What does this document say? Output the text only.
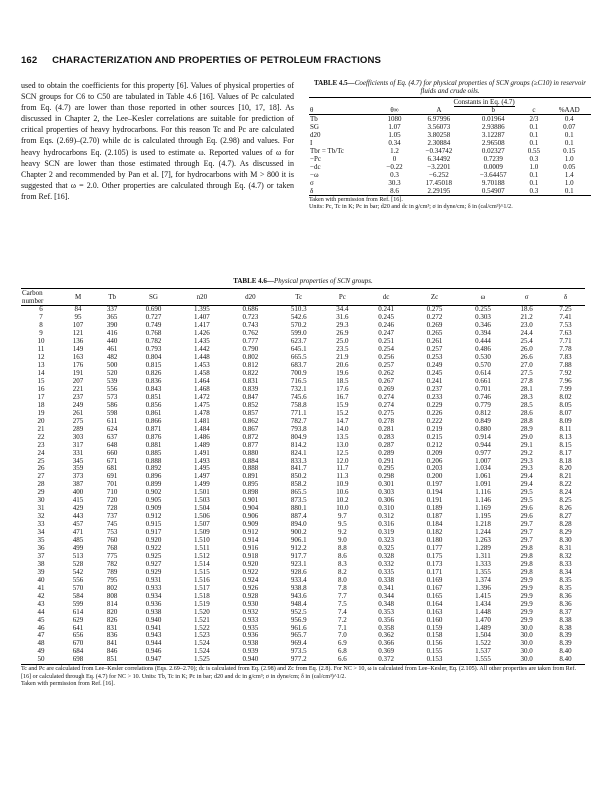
162 CHARACTERIZATION AND PROPERTIES OF PETROLEUM FRACTIONS
used to obtain the coefficients for this property [6]. Values of physical properties of SCN groups for C6 to C50 are tabulated in Table 4.6 [16]. Values of Pc calculated from Eq. (4.7) are lower than those reported in other sources [10, 17, 18]. As discussed in Chapter 2, the Lee–Kesler correlations are suitable for prediction of critical properties of heavy hydrocarbons. For this reason Tc and Pc are calculated from Eqs. (2.69)–(2.70) while dc is calculated through Eq. (2.98) and values. For heavy hydrocarbons Eq. (2.105) is used to estimate ω. Reported values of ω for heavy SCN are lower than those estimated through Eq. (4.7). As discussed in Chapter 2 and recommended by Pan et al. [7], for hydrocarbons with M > 800 it is suggested that ω = 2.0. Other properties are calculated through Eq. (4.7) or taken from Ref. [16].
TABLE 4.5—Coefficients of Eq. (4.7) for physical properties of SCN groups (≥C10) in reservoir fluids and crude oils.
	Constants in Eq. (4.7)				
θ	θ∞	A	b	c	%AAD
Tb	1080	6.97996	0.01964	2/3	0.4
SG	1.07	3.56073	2.93886	0.1	0.07
d20	1.05	3.80258	3.12287	0.1	0.1
I	0.34	2.30884	2.96508	0.1	0.1
Tbr = Tb/Tc	1.2	−0.34742	0.02327	0.55	0.15
−Pc	0	6.34492	0.7239	0.3	1.0
−dc	−0.22	−3.2201	0.0009	1.0	0.05
−ω	0.3	−6.252	−3.64457	0.1	1.4
σ	30.3	17.45018	9.70188	0.1	1.0
δ	8.6	2.29195	0.54907	0.3	0.1
Taken with permission from Ref. [16].
Units: Pc, Tc in K; Pc in bar; d20 and dc in g/cm³; σ in dyne/cm; δ in (cal/cm³)^1/2.
TABLE 4.6—Physical properties of SCN groups.
Carbon number	M	Tb	SG	n20	d20	Tc	Pc	dc	Zc	ω	σ	δ
6	84	337	0.690	1.395	0.686	510.3	34.4	0.241	0.275	0.255	18.6	7.25
7	95	365	0.727	1.407	0.723	542.6	31.6	0.245	0.272	0.303	21.2	7.41
8	107	390	0.749	1.417	0.743	570.2	29.3	0.246	0.269	0.346	23.0	7.53
9	121	416	0.768	1.426	0.762	599.0	26.9	0.247	0.265	0.394	24.4	7.63
10	136	440	0.782	1.435	0.777	623.7	25.0	0.251	0.261	0.444	25.4	7.71
11	149	461	0.793	1.442	0.790	645.1	23.5	0.254	0.257	0.486	26.0	7.78
12	163	482	0.804	1.448	0.802	665.5	21.9	0.256	0.253	0.530	26.6	7.83
13	176	500	0.815	1.453	0.812	683.7	20.6	0.257	0.249	0.570	27.0	7.88
14	191	520	0.826	1.458	0.822	700.9	19.6	0.262	0.245	0.614	27.5	7.92
15	207	539	0.836	1.464	0.831	716.5	18.5	0.267	0.241	0.661	27.8	7.96
16	221	556	0.843	1.468	0.839	732.1	17.6	0.269	0.237	0.701	28.1	7.99
17	237	573	0.851	1.472	0.847	745.6	16.7	0.274	0.233	0.746	28.3	8.02
18	249	586	0.856	1.475	0.852	758.8	15.9	0.274	0.229	0.779	28.5	8.05
19	261	598	0.861	1.478	0.857	771.1	15.2	0.275	0.226	0.812	28.6	8.07
20	275	611	0.866	1.481	0.862	782.7	14.7	0.278	0.222	0.849	28.8	8.09
21	289	624	0.871	1.484	0.867	793.8	14.0	0.281	0.219	0.880	28.9	8.11
22	303	637	0.876	1.486	0.872	804.9	13.5	0.283	0.215	0.914	29.0	8.13
23	317	648	0.881	1.489	0.877	814.2	13.0	0.287	0.212	0.944	29.1	8.15
24	331	660	0.885	1.491	0.880	824.1	12.5	0.289	0.209	0.977	29.2	8.17
25	345	671	0.888	1.493	0.884	833.3	12.0	0.291	0.206	1.007	29.3	8.18
26	359	681	0.892	1.495	0.888	841.7	11.7	0.295	0.203	1.034	29.3	8.20
27	373	691	0.896	1.497	0.891	850.2	11.3	0.298	0.200	1.061	29.4	8.21
28	387	701	0.899	1.499	0.895	858.2	10.9	0.301	0.197	1.091	29.4	8.22
29	400	710	0.902	1.501	0.898	865.5	10.6	0.303	0.194	1.116	29.5	8.24
30	415	720	0.905	1.503	0.901	873.5	10.2	0.306	0.191	1.146	29.5	8.25
31	429	728	0.909	1.504	0.904	880.1	10.0	0.310	0.189	1.169	29.6	8.26
32	443	737	0.912	1.506	0.906	887.4	9.7	0.312	0.187	1.195	29.6	8.27
33	457	745	0.915	1.507	0.909	894.0	9.5	0.316	0.184	1.218	29.7	8.28
34	471	753	0.917	1.509	0.912	900.2	9.2	0.319	0.182	1.244	29.7	8.29
35	485	760	0.920	1.510	0.914	906.1	9.0	0.323	0.180	1.263	29.7	8.30
36	499	768	0.922	1.511	0.916	912.2	8.8	0.325	0.177	1.289	29.8	8.31
37	513	775	0.925	1.512	0.918	917.7	8.6	0.328	0.175	1.311	29.8	8.32
38	528	782	0.927	1.514	0.920	923.1	8.3	0.332	0.173	1.333	29.8	8.33
39	542	789	0.929	1.515	0.922	928.6	8.2	0.335	0.171	1.355	29.8	8.34
40	556	795	0.931	1.516	0.924	933.4	8.0	0.338	0.169	1.374	29.9	8.35
41	570	802	0.933	1.517	0.926	938.8	7.8	0.341	0.167	1.396	29.9	8.35
42	584	808	0.934	1.518	0.928	943.6	7.7	0.344	0.165	1.415	29.9	8.36
43	599	814	0.936	1.519	0.930	948.4	7.5	0.348	0.164	1.434	29.9	8.36
44	614	820	0.938	1.520	0.932	952.5	7.4	0.353	0.163	1.448	29.9	8.37
45	629	826	0.940	1.521	0.933	956.9	7.2	0.356	0.160	1.470	29.9	8.38
46	641	831	0.941	1.522	0.935	961.6	7.1	0.358	0.159	1.489	30.0	8.38
47	656	836	0.943	1.523	0.936	965.7	7.0	0.362	0.158	1.504	30.0	8.39
48	670	841	0.944	1.524	0.938	969.4	6.9	0.366	0.156	1.522	30.0	8.39
49	684	846	0.946	1.524	0.939	973.5	6.8	0.369	0.155	1.537	30.0	8.40
50	698	851	0.947	1.525	0.940	977.2	6.6	0.372	0.153	1.555	30.0	8.40
Tc and Pc are calculated from Lee–Kesler correlations (Eqs. 2.69–2.70); dc is calculated from Eq. (2.98) and Zc from Eq. (2.8). For NC > 10, ω is calculated from Lee–Kesler, Eq. (2.105). All other properties are taken from Ref. [16] or calculated through Eq. (4.7) for NC > 10. Units: Tb, Tc in K; Pc in bar; d20 and dc in g/cm³; σ in dyne/cm; δ in (cal/cm³)^1/2.
Taken with permission from Ref. [16].
